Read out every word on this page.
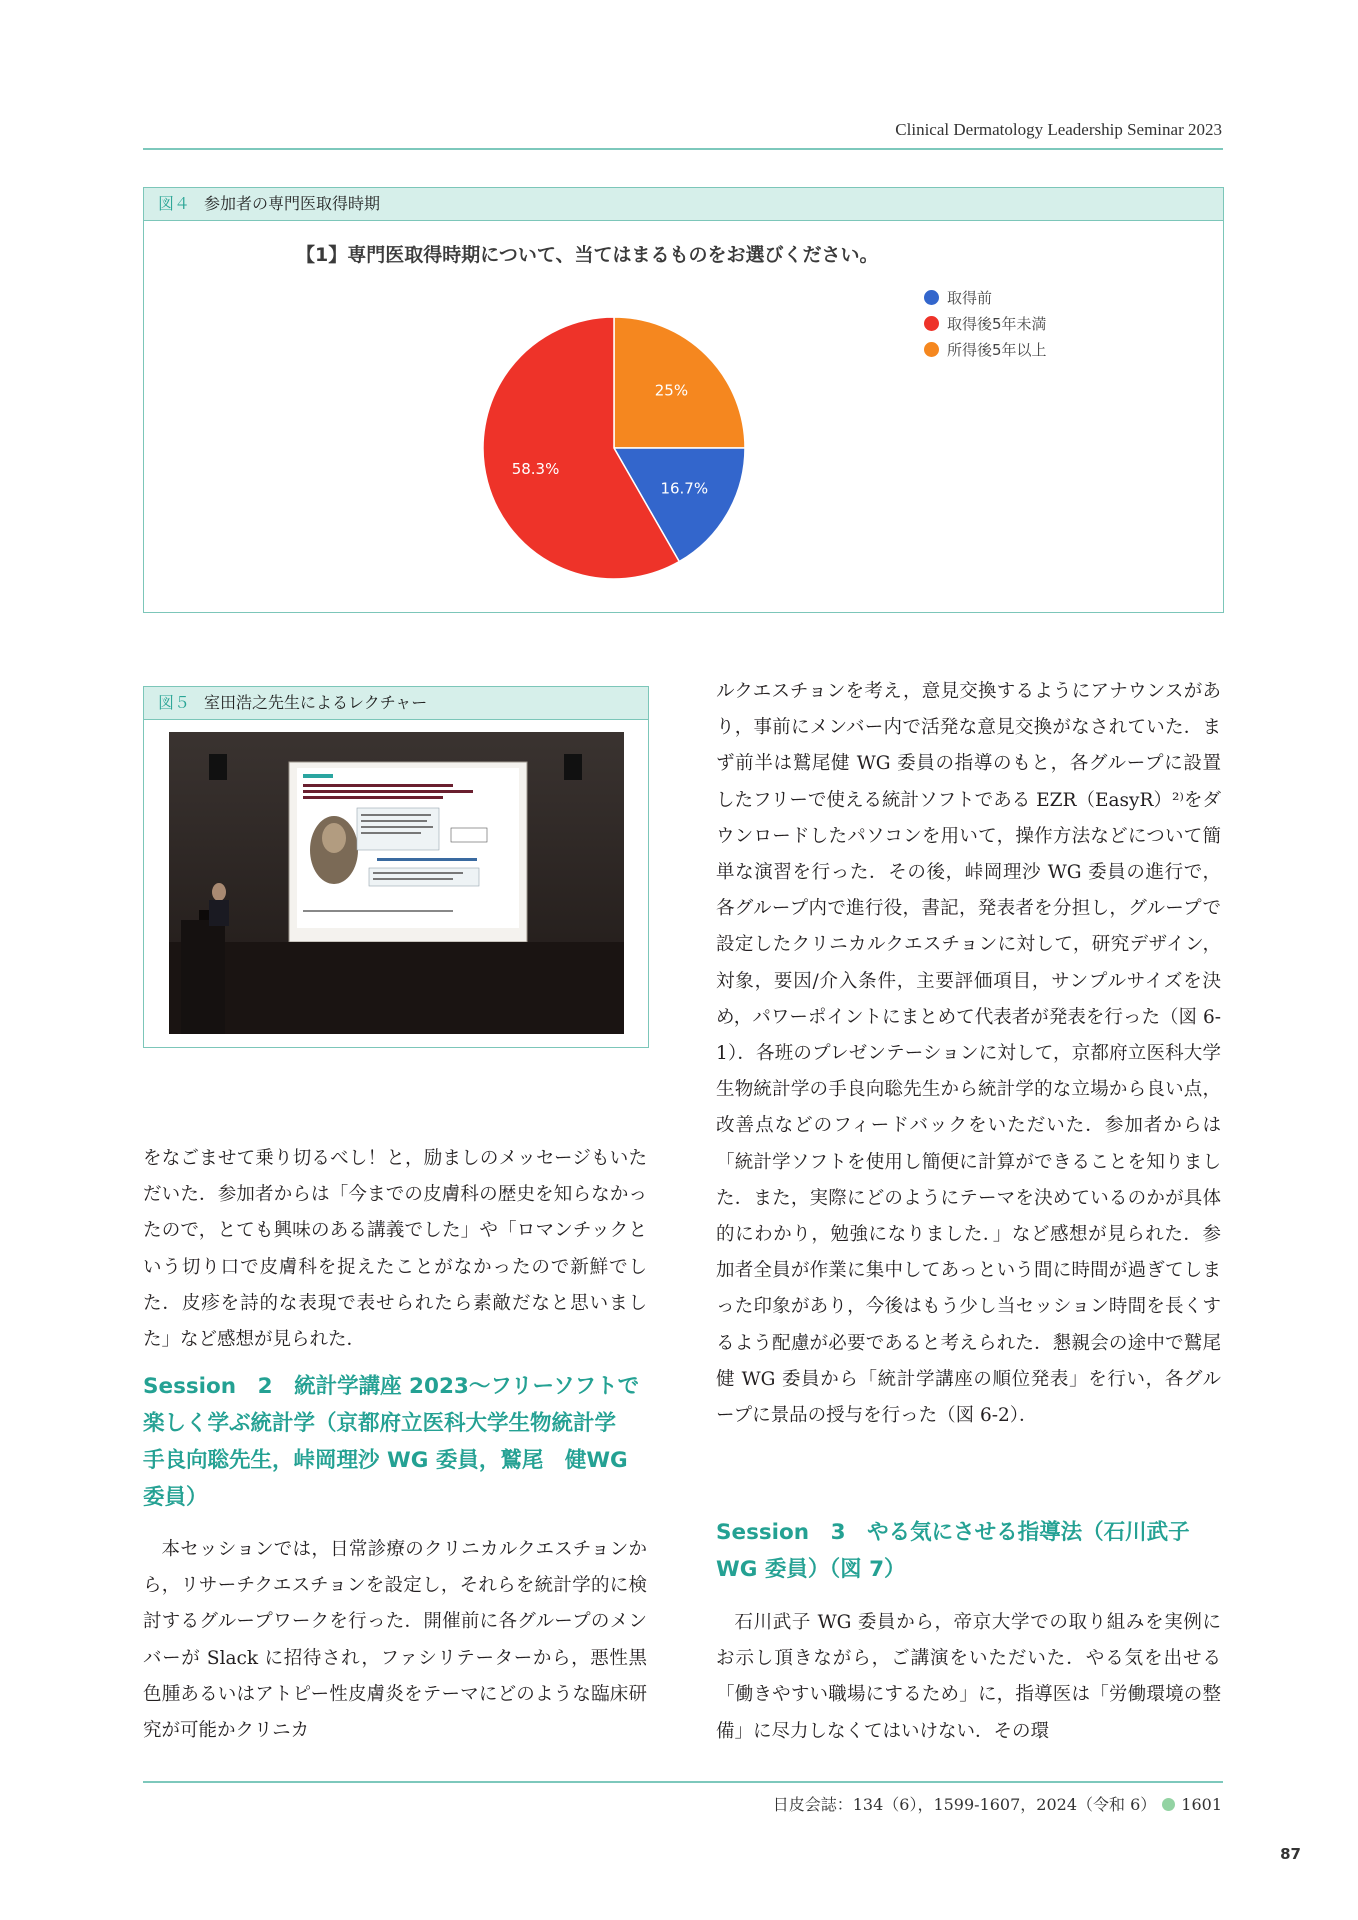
Clinical Dermatology Leadership Seminar 2023
図４ 参加者の専門医取得時期
【1】専門医取得時期について、当てはまるものをお選びください。
25%
16.7%
58.3%
取得前
取得後5年未満
所得後5年以上
図５ 室田浩之先生によるレクチャー
をなごませて乗り切るべし！と，励ましのメッセージもいただいた．参加者からは「今までの皮膚科の歴史を知らなかったので，とても興味のある講義でした」や「ロマンチックという切り口で皮膚科を捉えたことがなかったので新鮮でした．皮疹を詩的な表現で表せられたら素敵だなと思いました」など感想が見られた．
Session　2　統計学講座 2023〜フリーソフトで楽しく学ぶ統計学（京都府立医科大学生物統計学　手良向聡先生，峠岡理沙 WG 委員，鷲尾　健WG 委員）
本セッションでは，日常診療のクリニカルクエスチョンから，リサーチクエスチョンを設定し，それらを統計学的に検討するグループワークを行った．開催前に各グループのメンバーが Slack に招待され，ファシリテーターから，悪性黒色腫あるいはアトピー性皮膚炎をテーマにどのような臨床研究が可能かクリニカ
ルクエスチョンを考え，意見交換するようにアナウンスがあり，事前にメンバー内で活発な意見交換がなされていた．まず前半は鷲尾健 WG 委員の指導のもと，各グループに設置したフリーで使える統計ソフトである EZR（EasyR）²⁾をダウンロードしたパソコンを用いて，操作方法などについて簡単な演習を行った．その後，峠岡理沙 WG 委員の進行で，各グループ内で進行役，書記，発表者を分担し，グループで設定したクリニカルクエスチョンに対して，研究デザイン，対象，要因/介入条件，主要評価項目，サンプルサイズを決め，パワーポイントにまとめて代表者が発表を行った（図 6-1）．各班のプレゼンテーションに対して，京都府立医科大学生物統計学の手良向聡先生から統計学的な立場から良い点，改善点などのフィードバックをいただいた．参加者からは「統計学ソフトを使用し簡便に計算ができることを知りました．また，実際にどのようにテーマを決めているのかが具体的にわかり，勉強になりました．」など感想が見られた．参加者全員が作業に集中してあっという間に時間が過ぎてしまった印象があり，今後はもう少し当セッション時間を長くするよう配慮が必要であると考えられた．懇親会の途中で鷲尾健 WG 委員から「統計学講座の順位発表」を行い，各グループに景品の授与を行った（図 6-2）．
Session　3　やる気にさせる指導法（石川武子WG 委員）（図 7）
石川武子 WG 委員から，帝京大学での取り組みを実例にお示し頂きながら，ご講演をいただいた．やる気を出せる「働きやすい職場にするため」に，指導医は「労働環境の整備」に尽力しなくてはいけない．その環
日皮会誌：134（6），1599-1607，2024（令和 6） 1601
87
